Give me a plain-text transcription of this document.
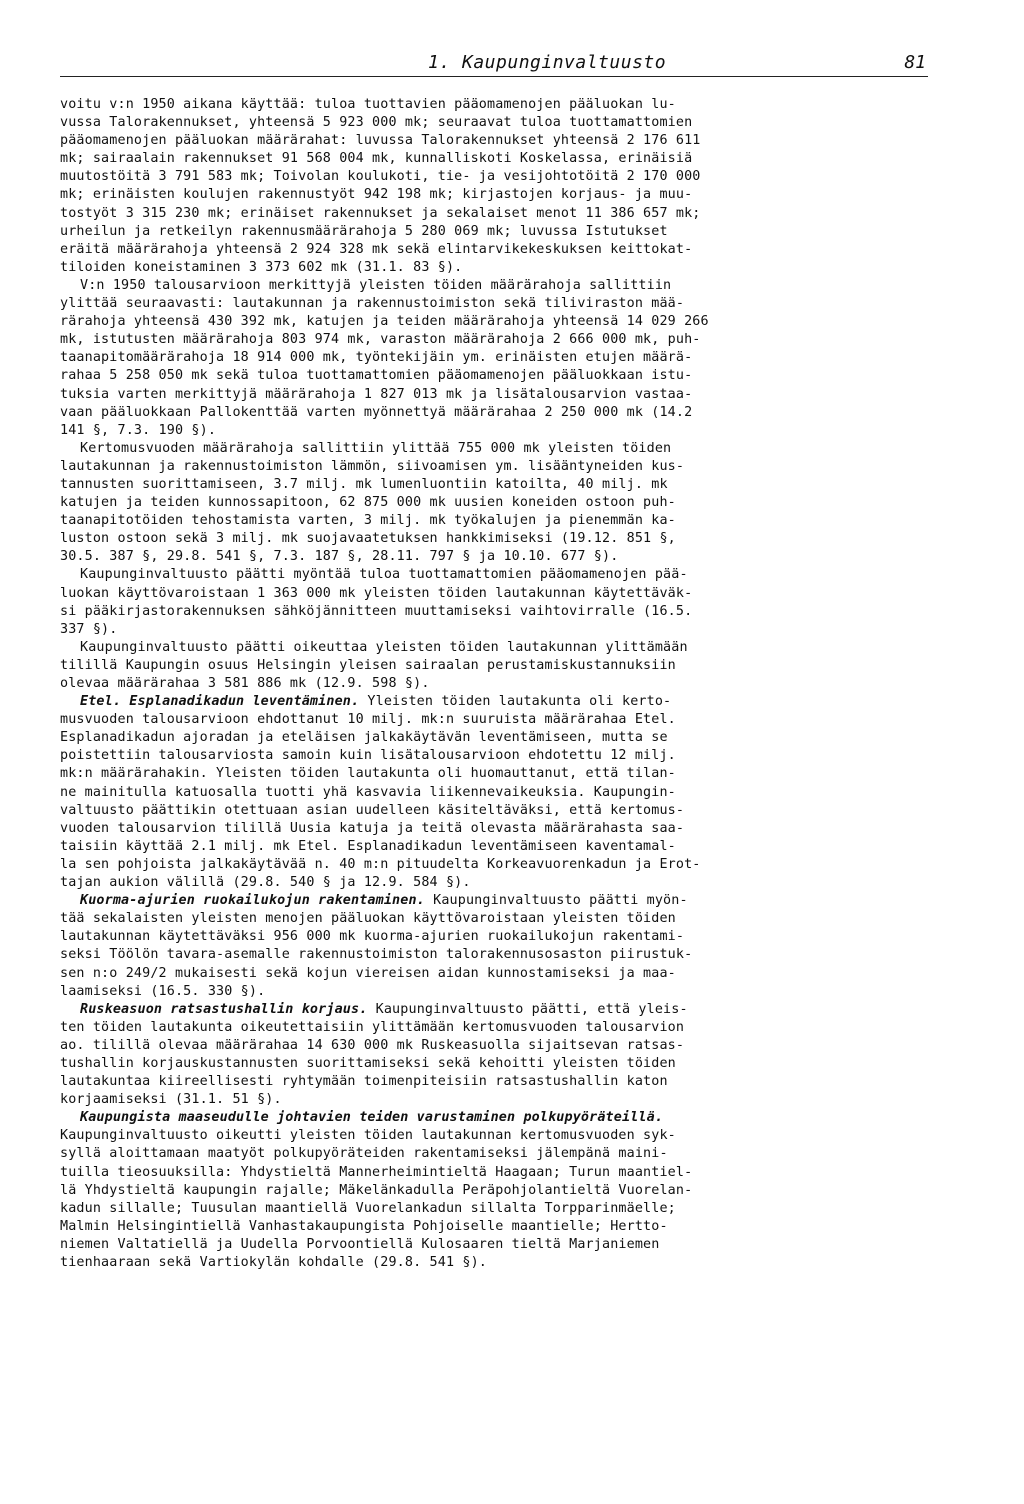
1. Kaupunginvaltuusto	81
voitu v:n 1950 aikana käyttää: tuloa tuottavien pääomamenojen pääluokan lu-
vussa Talorakennukset, yhteensä 5 923 000 mk; seuraavat tuloa tuottamattomien
pääomamenojen pääluokan määrärahat: luvussa Talorakennukset yhteensä 2 176 611
mk; sairaalain rakennukset 91 568 004 mk, kunnalliskoti Koskelassa, erinäisiä
muutostöitä 3 791 583 mk; Toivolan koulukoti, tie- ja vesijohtotöitä 2 170 000
mk; erinäisten koulujen rakennustyöt 942 198 mk; kirjastojen korjaus- ja muu-
tostyöt 3 315 230 mk; erinäiset rakennukset ja sekalaiset menot 11 386 657 mk;
urheilun ja retkeilyn rakennusmäärärahoja 5 280 069 mk; luvussa Istutukset
eräitä määrärahoja yhteensä 2 924 328 mk sekä elintarvikekeskuksen keittokat-
tiloiden koneistaminen 3 373 602 mk (31.1. 83 §).
V:n 1950 talousarvioon merkittyjä yleisten töiden määrärahoja sallittiin
ylittää seuraavasti: lautakunnan ja rakennustoimiston sekä tiliviraston mää-
rärahoja yhteensä 430 392 mk, katujen ja teiden määrärahoja yhteensä 14 029 266
mk, istutusten määrärahoja 803 974 mk, varaston määrärahoja 2 666 000 mk, puh-
taanapitomäärärahoja 18 914 000 mk, työntekijäin ym. erinäisten etujen määrä-
rahaa 5 258 050 mk sekä tuloa tuottamattomien pääomamenojen pääluokkaan istu-
tuksia varten merkittyjä määrärahoja 1 827 013 mk ja lisätalousarvion vastaa-
vaan pääluokkaan Pallokenttää varten myönnettyä määrärahaa 2 250 000 mk (14.2
141 §, 7.3. 190 §).
Kertomusvuoden määrärahoja sallittiin ylittää 755 000 mk yleisten töiden
lautakunnan ja rakennustoimiston lämmön, siivoamisen ym. lisääntyneiden kus-
tannusten suorittamiseen, 3.7 milj. mk lumenluontiin katoilta, 40 milj. mk
katujen ja teiden kunnossapitoon, 62 875 000 mk uusien koneiden ostoon puh-
taanapitotöiden tehostamista varten, 3 milj. mk työkalujen ja pienemmän ka-
luston ostoon sekä 3 milj. mk suojavaatetuksen hankkimiseksi (19.12. 851 §,
30.5. 387 §, 29.8. 541 §, 7.3. 187 §, 28.11. 797 § ja 10.10. 677 §).
Kaupunginvaltuusto päätti myöntää tuloa tuottamattomien pääomamenojen pää-
luokan käyttövaroistaan 1 363 000 mk yleisten töiden lautakunnan käytettäväk-
si pääkirjastorakennuksen sähköjännitteen muuttamiseksi vaihtovirralle (16.5.
337 §).
Kaupunginvaltuusto päätti oikeuttaa yleisten töiden lautakunnan ylittämään
tilillä Kaupungin osuus Helsingin yleisen sairaalan perustamiskustannuksiin
olevaa määrärahaa 3 581 886 mk (12.9. 598 §).
Etel. Esplanadikadun leventäminen. Yleisten töiden lautakunta oli kerto-
musvuoden talousarvioon ehdottanut 10 milj. mk:n suuruista määrärahaa Etel.
Esplanadikadun ajoradan ja eteläisen jalkakäytävän leventämiseen, mutta se
poistettiin talousarviosta samoin kuin lisätalousarvioon ehdotettu 12 milj.
mk:n määrärahakin. Yleisten töiden lautakunta oli huomauttanut, että tilan-
ne mainitulla katuosalla tuotti yhä kasvavia liikennevaikeuksia. Kaupungin-
valtuusto päättikin otettuaan asian uudelleen käsiteltäväksi, että kertomus-
vuoden talousarvion tilillä Uusia katuja ja teitä olevasta määrärahasta saa-
taisiin käyttää 2.1 milj. mk Etel. Esplanadikadun leventämiseen kaventamal-
la sen pohjoista jalkakäytävää n. 40 m:n pituudelta Korkeavuorenkadun ja Erot-
tajan aukion välillä (29.8. 540 § ja 12.9. 584 §).
Kuorma-ajurien ruokailukojun rakentaminen. Kaupunginvaltuusto päätti myön-
tää sekalaisten yleisten menojen pääluokan käyttövaroistaan yleisten töiden
lautakunnan käytettäväksi 956 000 mk kuorma-ajurien ruokailukojun rakentami-
seksi Töölön tavara-asemalle rakennustoimiston talorakennusosaston piirustuk-
sen n:o 249/2 mukaisesti sekä kojun viereisen aidan kunnostamiseksi ja maa-
laamiseksi (16.5. 330 §).
Ruskeasuon ratsastushallin korjaus. Kaupunginvaltuusto päätti, että yleis-
ten töiden lautakunta oikeutettaisiin ylittämään kertomusvuoden talousarvion
ao. tilillä olevaa määrärahaa 14 630 000 mk Ruskeasuolla sijaitsevan ratsas-
tushallin korjauskustannusten suorittamiseksi sekä kehoitti yleisten töiden
lautakuntaa kiireellisesti ryhtymään toimenpiteisiin ratsastushallin katon
korjaamiseksi (31.1. 51 §).
Kaupungista maaseudulle johtavien teiden varustaminen polkupyöräteillä.
Kaupunginvaltuusto oikeutti yleisten töiden lautakunnan kertomusvuoden syk-
syllä aloittamaan maatyöt polkupyöräteiden rakentamiseksi jälempänä maini-
tuilla tieosuuksilla: Yhdystieltä Mannerheimintieltä Haagaan; Turun maantiel-
lä Yhdystieltä kaupungin rajalle; Mäkelänkadulla Peräpohjolantieltä Vuorelan-
kadun sillalle; Tuusulan maantiellä Vuorelankadun sillalta Torpparinmäelle;
Malmin Helsingintiellä Vanhastakaupungista Pohjoiselle maantielle; Hertto-
niemen Valtatiellä ja Uudella Porvoontiellä Kulosaaren tieltä Marjaniemen
tienhaaraan sekä Vartiokylän kohdalle (29.8. 541 §).
